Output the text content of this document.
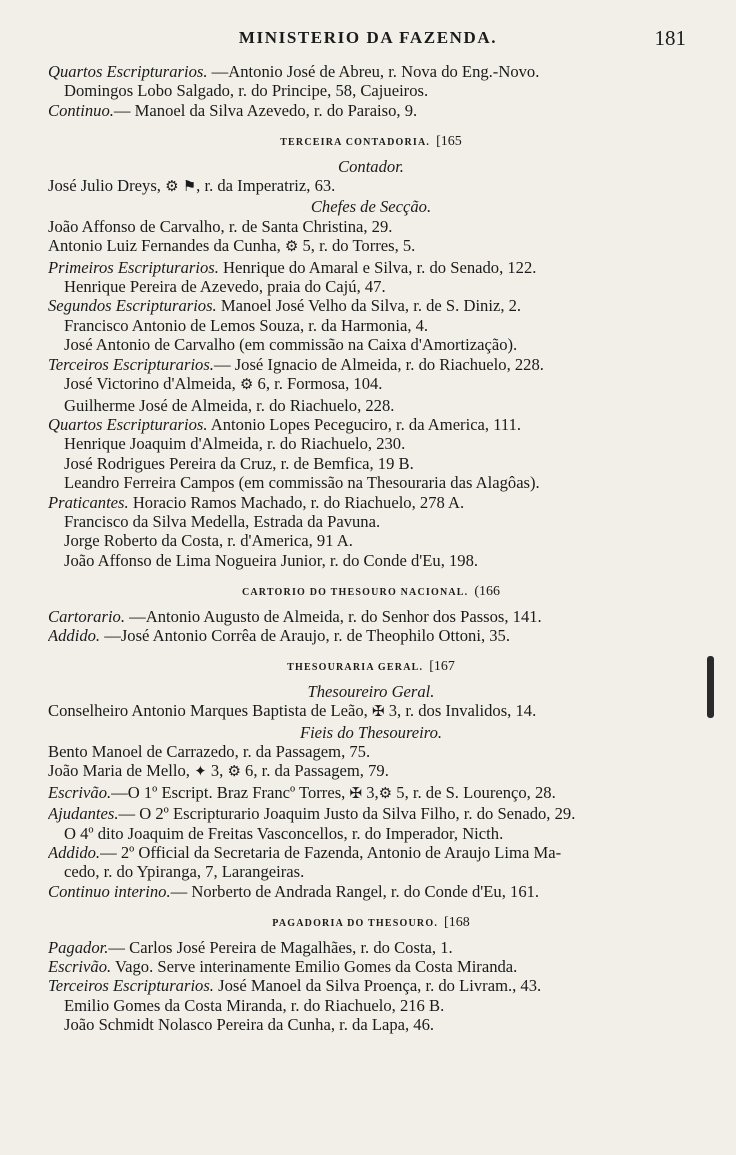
MINISTERIO DA FAZENDA.	181
Quartos Escripturarios. —Antonio José de Abreu, r. Nova do Eng.-Novo.
Domingos Lobo Salgado, r. do Principe, 58, Cajueiros.
Continuo.— Manoel da Silva Azevedo, r. do Paraiso, 9.
TERCEIRA CONTADORIA. [165
Contador.
José Julio Dreys, ⚙ ⚑, r. da Imperatriz, 63.
Chefes de Secção.
João Affonso de Carvalho, r. de Santa Christina, 29.
Antonio Luiz Fernandes da Cunha, ⚙ 5, r. do Torres, 5.
Primeiros Escripturarios. Henrique do Amaral e Silva, r. do Senado, 122.
Henrique Pereira de Azevedo, praia do Cajú, 47.
Segundos Escripturarios. Manoel José Velho da Silva, r. de S. Diniz, 2.
Francisco Antonio de Lemos Souza, r. da Harmonia, 4.
José Antonio de Carvalho (em commissão na Caixa d'Amortização).
Terceiros Escripturarios.— José Ignacio de Almeida, r. do Riachuelo, 228.
José Victorino d'Almeida, ⚙ 6, r. Formosa, 104.
Guilherme José de Almeida, r. do Riachuelo, 228.
Quartos Escripturarios. Antonio Lopes Peceguciro, r. da America, 111.
Henrique Joaquim d'Almeida, r. do Riachuelo, 230.
José Rodrigues Pereira da Cruz, r. de Bemfica, 19 B.
Leandro Ferreira Campos (em commissão na Thesouraria das Alagôas).
Praticantes. Horacio Ramos Machado, r. do Riachuelo, 278 A.
Francisco da Silva Medella, Estrada da Pavuna.
Jorge Roberto da Costa, r. d'America, 91 A.
João Affonso de Lima Nogueira Junior, r. do Conde d'Eu, 198.
CARTORIO DO THESOURO NACIONAL. (166
Cartorario. —Antonio Augusto de Almeida, r. do Senhor dos Passos, 141.
Addido. —José Antonio Corrêa de Araujo, r. de Theophilo Ottoni, 35.
THESOURARIA GERAL. [167
Thesoureiro Geral.
Conselheiro Antonio Marques Baptista de Leão, ✠ 3, r. dos Invalidos, 14.
Fieis do Thesoureiro.
Bento Manoel de Carrazedo, r. da Passagem, 75.
João Maria de Mello, ✦ 3, ⚙ 6, r. da Passagem, 79.
Escrivão.—O 1º Escript. Braz Francº Torres, ✠ 3,⚙ 5, r. de S. Lourenço, 28.
Ajudantes.— O 2º Escripturario Joaquim Justo da Silva Filho, r. do Senado, 29.
O 4º dito Joaquim de Freitas Vasconcellos, r. do Imperador, Nicth.
Addido.— 2º Official da Secretaria de Fazenda, Antonio de Araujo Lima Ma-
cedo, r. do Ypiranga, 7, Larangeiras.
Continuo interino.— Norberto de Andrada Rangel, r. do Conde d'Eu, 161.
PAGADORIA DO THESOURO. [168
Pagador.— Carlos José Pereira de Magalhães, r. do Costa, 1.
Escrivão. Vago. Serve interinamente Emilio Gomes da Costa Miranda.
Terceiros Escripturarios. José Manoel da Silva Proença, r. do Livram., 43.
Emilio Gomes da Costa Miranda, r. do Riachuelo, 216 B.
João Schmidt Nolasco Pereira da Cunha, r. da Lapa, 46.
